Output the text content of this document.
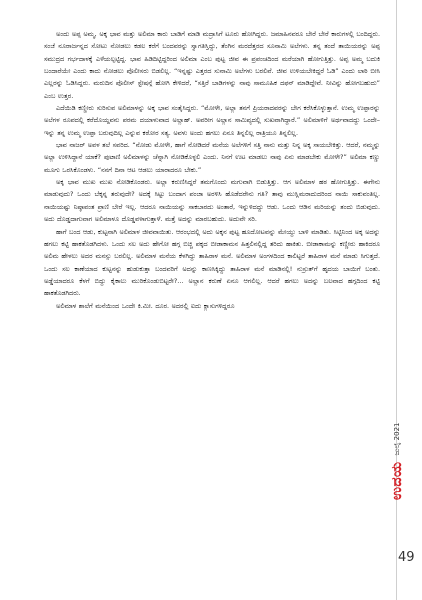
ಅಂದು ಅಪ್ಪ ಅಮ್ಮ, ಅಕ್ಕ ಭಾವ ಮತ್ತು ಅಲಿಮಾ ಕಾರು ಬಾಡಿಗೆ ಮಾಡಿ ಮದ್ರಾಸಿಗೆ ಟೂರು ಹೋಗಿದ್ದರು. ಜಮಾಹಿನವರೂ ಬೇರೆ ಬೇರೆ ಕಾರುಗಳಲ್ಲಿ ಬಂದಿದ್ದರು. ಸಂಜೆ ನೂರಾರ್ಜನ್ನದ ಸೋಟು ನೋಡಲು ಕಡಲ ಕರೆಗೆ ಬಂದವರನ್ನು ಸ್ವಾಗತಿಸ್ತಿದ್ದು, ತೆಂಗಿನ ಮರದೆತ್ತರದ ಸೂನಾಮಿ ಅಲೆಗಳು. ತನ್ನ ತಂದೆ ತಾಯಿಯರನ್ನು ಅಪ್ಪ ಸಮುದ್ರದ ಗರ್ಭದಾಳಕ್ಕೆ ಎಳೆಯಲ್ಪಟ್ಟಿದ್ದ. ಭಾವ ಹಿಡಿದಿಟ್ಟಿದ್ದರಿಂದ ಅಲಿಮಾ ಎಂಬ ಪುಟ್ಟ ಜೀವ ಈ ಪ್ರಪಂಚದಿಂದ ಮರೆಯಾಗಿ ಹೋಗುತ್ತಿತ್ತು. ಅಪ್ಪ ಅಮ್ಮ ಬದುಕಿ ಬಂದಾರೆಯೇ ಎಂದು ಕಾದು ನೋಡಲು ಪೊಲೀಸರು ಬಿಡಲಿಲ್ಲ. “ಇನ್ನಷ್ಟು ಎತ್ತರದ ಸುನಾಮಿ ಅಲೆಗಳು ಬರಲಿವೆ. ಜೀವ ಉಳಿಯಬೇಕಿದ್ದರೆ ಓಡಿ” ಎಂದು ಲಾಠಿ ಬೀಸಿ ಎಲ್ಲರನ್ನು ಓಡಿಸಿದ್ದರು. ಮರುದಿನ ಪೊಲೀಸ್ ಸ್ಟೇಷನ್ಗೆ ಹೋಗಿ ಕೇಳಿದರೆ, “ಸತ್ತಿರೆ ಬಾಡಿಗಳನ್ನು ನಾವು ಸಾಮೂಹಿಕ ದಫನ್ ಮಾಡಿದ್ದೇವೆ. ನೀವಿನ್ನು ಹೋಗಬಹುದು” ಎಂಬ ಉತ್ತರ.

ಎದೆಯಿಡಿ ಕಣ್ಣೀರು ಸುರಿಸುವ ಅಲಿಮಾಳನ್ನು ಅಕ್ಕ ಭಾವ ಸಂತೈಸಿದ್ದರು. “ಮೋಳೇ, ಅಲ್ಲಾ ತನಗೆ ಪ್ರಿಯರಾದವರನ್ನು ಬೇಗ ಕರೆಸಿಕೊಳ್ಳುತ್ತಾನೆ. ಉಮ್ಮ ಉಪ್ಪಾರನ್ನು ಅಲೆಗಳ ರೂಪದಲ್ಲಿ ಕರೆದೊಯ್ದವನು ಪರಮ ದಯಾಳುವಾದ ಅಲ್ಲಾಹ್. ಅವರೀಗ ಅಲ್ಲಾನ ಸಾಮಿಪ್ಯದಲ್ಲಿ ಸುಖವಾಗಿದ್ದಾರೆ.” ಅಲಿಮಾಳಿಗೆ ಅರ್ಥವಾದದ್ದು ಒಂದೇ–ಇನ್ನು ತನ್ನ ಉಮ್ಮ ಉಪ್ಪಾ ಬರುವುದಿಲ್ಲ ಎನ್ನುವ ಕಠೋರ ಸತ್ಯ. ಅವಳು ಅಂದು ಹಗಲು ಏನೂ ತಿನ್ನಲಿಲ್ಲ ರಾತ್ರಿಯೂ ತಿನ್ನಲಿಲ್ಲ.

ಭಾವ ನಾಜರ್ ಅವಳ ತಲೆ ಸವರಿದ. “ನೋಡು ಮೋಳೇ, ಹಾಗೆ ನೋಡಿದರೆ ಮನೆಯ ಅಲೆಗಳಿಗೆ ಸತ್ತಿ ನಾನು ಮತ್ತು ನಿನ್ನ ಅಕ್ಕ ಸಾಯಬೇಕಿತ್ತು. ಆದರೆ, ನಮ್ಮನ್ನು ಅಲ್ಲಾ ಉಳಿಸಿದ್ದಾನೆ ಯಾಕೆ? ಪುಟಾಣಿ ಅಲಿಮಾಳನ್ನು ಚೆನ್ನಾಗಿ ನೋಡಿಕೊಳ್ಳಲಿ ಎಂದು. ನಿನಗೆ ಉಟ ಮಾಡಲು ನಾವು ಏನು ಮಾಡಬೇಕು ಮೋಳೇ?” ಅಲಿಮಾ ಕಣ್ಣು ಮೂಗು ಒರಸಿಕೊಂಡಳು. “ನನಗೆ ದಿನಾ ಆಟ ಆಡಲು ಯಾರಾದರೂ ಬೇಕು.”

ಅಕ್ಕ ಭಾವ ಮುಖ ಮುಖ ನೋಡಿಕೊಂಡರು. ಅಲ್ಲಾ ಕರುಣಿಸಿದ್ದರೆ ತಮಗೊಂದು ಮಗುವಾಗಿ ಬಿಡುತ್ತಿತ್ತು. ಆಗ ಅಲಿಮಾಳ ಹಠ ಹೋಗುತ್ತಿತ್ತು. ಈಗೇನು ಮಾಡುವುದು? ಒಂದು ಬೆಕ್ಕನ್ನ ತರುವುದೇ? ಅದಕ್ಕೆ ಸಿಟ್ಟು ಬಂದಾಗ ಪಂಜಾ ಅರಳಿಸಿ ಹೊಡೆದರೇನು ಗತಿ? ತಾವು ಮುಸ್ಲಿಮರಾದುದರಿಂದ ನಾಯಿ ಸಾಕುವಂತಿಲ್ಲ. ನಾಯಿಯಷ್ಟು ನಿಷ್ಠಾವಂತ ಪ್ರಾಣಿ ಬೇರೆ ಇಲ್ಲ. ಆದರೂ ನಾಯಿಯನ್ನು ಸಾಕಬಾರದು ಅಂತಾರೆ, ಇನ್ನುಳಿದದ್ದು ಆಡು. ಒಂದು ಆಡಿನ ಮರಿಯನ್ನು ತಂದು ಬಿಡುವುದು. ಅದು ದೊಡ್ಡದಾಗುವಾಗ ಅಲಿಮಾಳೂ ದೊಡ್ಡವಳಾಗುತ್ತಾಳೆ. ಮತ್ತೆ ಅದನ್ನು ಮಾರಬಹುದು. ಅದುವೇ ಸರಿ.

ಹಾಗೆ ಬಂದ ಆಡು, ಕುಟ್ಟನಾಗಿ ಅಲಿಮಾಳ ಜೀವವಾಯಿತು. ಆರಂಭದಲ್ಲಿ ಅದು ಅಕ್ಕನ ಪುಟ್ಟ ಹೂದೋಟವನ್ನು ಮೇಯ್ದು ಬಾಳಿ ಮಾಡಿತು. ಸಿಟ್ಟಿನಿಂದ ಅಕ್ಕ ಅದನ್ನು ಹಗಲು ಕಟ್ಟಿ ಹಾಕತೊಡಗಿದಳು. ಒಂದು ಸಲ ಅದು ಹೇಗೋ ಹಗ್ಗ ಬಿಚ್ಚಿ ಪಕ್ಕದ ಬೀಡಾಕಾಮನ ಹಿತ್ತಲಿನಲ್ಲಿದ್ದ ತರಿದು ಹಾಕಿತು. ಬೀಡಾಕಾಮನ್ನು ಕಣ್ಣೀರು ಹಾಕಿದರೂ ಅಲಿಮ ಹೇಳಲು ಅದರ ಮನಸ್ಸು ಬರಲಿಲ್ಲ. ಅಲಿಮಾಳ ಮನೆಯ ಕೆಳಗಿದ್ದು ತಾಹಿರಾಳ ಮನೆ. ಅಲಿಮಾಳ ಅಂಗಳದಿಂದ ಕಾಲಿಟ್ಟರೆ ತಾಹಿರಾಳ ಮನೆ ಮಾಡು ಸಿಗುತ್ತದೆ. ಒಂದು ಸಲ ಕಾಣೆಯಾದ ಕುಟ್ಟನನ್ನು ಹುಡುಕುತ್ತಾ ಬಂದವರಿಗೆ ಅದನ್ನು ಕಾಣಸಿಕ್ಕಿದ್ದು ತಾಹಿರಾಳ ಮನೆ ಮಾಡಿನಲ್ಲಿ! ನುಸ್ರುತ್‌ಗೆ ಹೃದಯ ಬಾಯಿಗೆ ಬಂತು. ಅಡ್ಡೆಯಾದರೂ ಕೆಳಗೆ ಬಿದ್ದು ಕೈಕಾಲು ಮುರಿಕೊಂಡುಬಿಟ್ಟರೇ?... ಅಲ್ಲಾನ ಕರುಣೆ ಏನೂ ಆಗಲಿಲ್ಲ. ಆದರೆ ಹಗಲು ಅದನ್ನು ಬಲವಾದ ಹಗ್ಗದಿಂದ ಕಟ್ಟಿ ಹಾಕತೊಡಗಿದರು.

ಅಲಿಮಾಳ ಶಾಲೆಗೆ ಮನೆಯಿಂದ ಒಂದೇ ಕಿ.ಮೀ. ದೂರ. ಅದರಲ್ಲಿ ಐದು ಕ್ಲಾಸುಗಳಿದ್ದರೂ

ಉದಯ
ಜುಲೈ 2021
49
